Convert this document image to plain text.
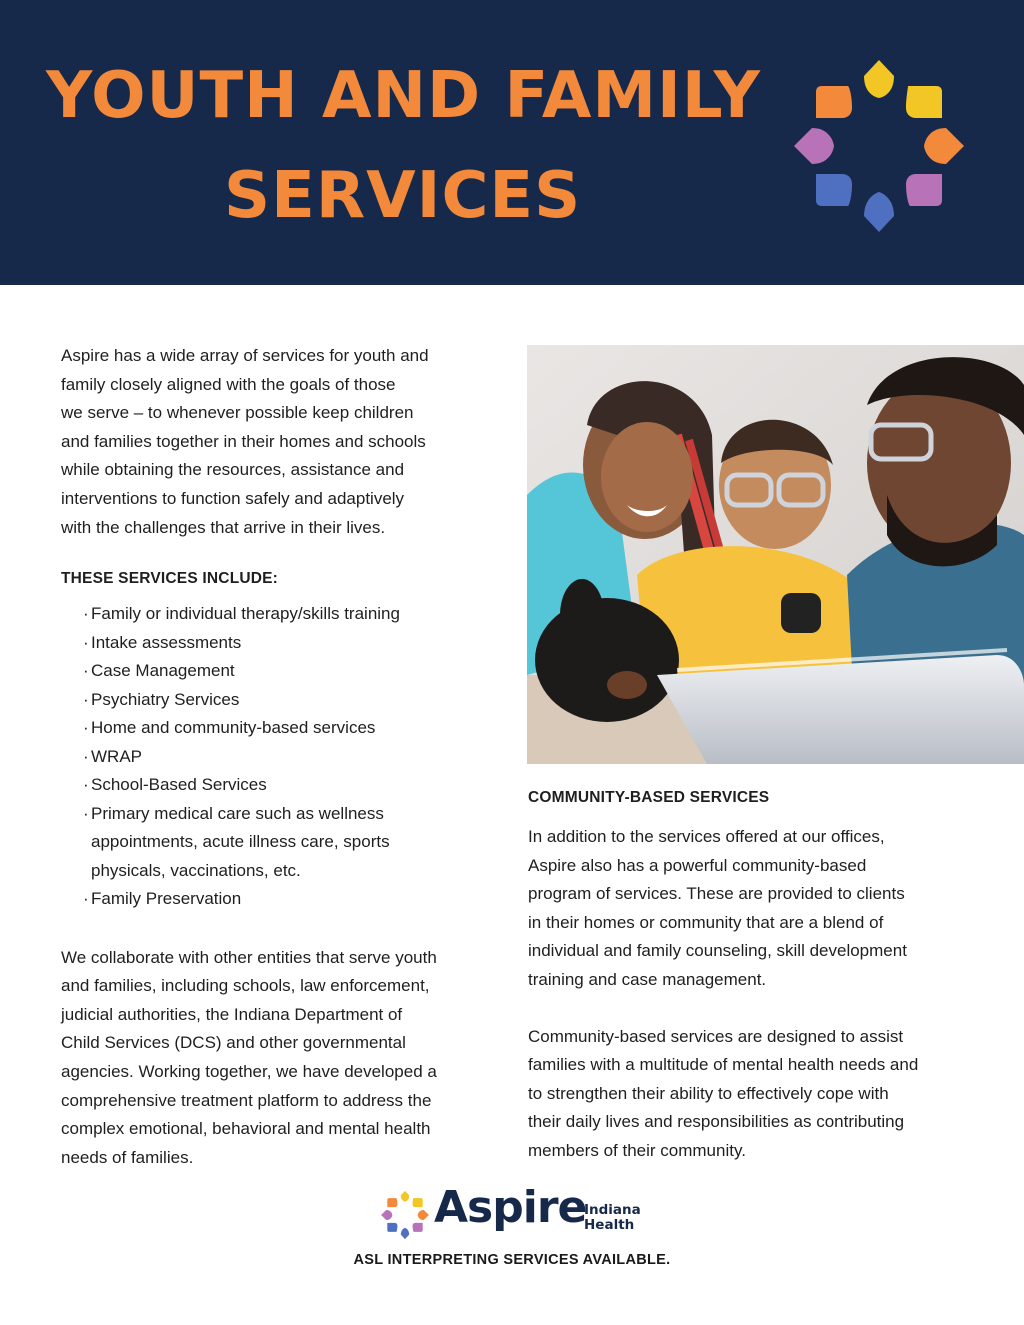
YOUTH AND FAMILY
SERVICES

Aspire has a wide array of services for youth and
family closely aligned with the goals of those
we serve – to whenever possible keep children
and families together in their homes and schools
while obtaining the resources, assistance and
interventions to function safely and adaptively
with the challenges that arrive in their lives.

THESE SERVICES INCLUDE:

· Family or individual therapy/skills training
· Intake assessments
· Case Management
· Psychiatry Services
· Home and community-based services
· WRAP
· School-Based Services
· Primary medical care such as wellness
appointments, acute illness care, sports
physicals, vaccinations, etc.
· Family Preservation

We collaborate with other entities that serve youth
and families, including schools, law enforcement,
judicial authorities, the Indiana Department of
Child Services (DCS) and other governmental
agencies. Working together, we have developed a
comprehensive treatment platform to address the
complex emotional, behavioral and mental health
needs of families.

COMMUNITY-BASED SERVICES

In addition to the services offered at our offices,
Aspire also has a powerful community-based
program of services. These are provided to clients
in their homes or community that are a blend of
individual and family counseling, skill development
training and case management.

Community-based services are designed to assist
families with a multitude of mental health needs and
to strengthen their ability to effectively cope with
their daily lives and responsibilities as contributing
members of their community.

Aspire
Indiana
Health
ASL INTERPRETING SERVICES AVAILABLE.
